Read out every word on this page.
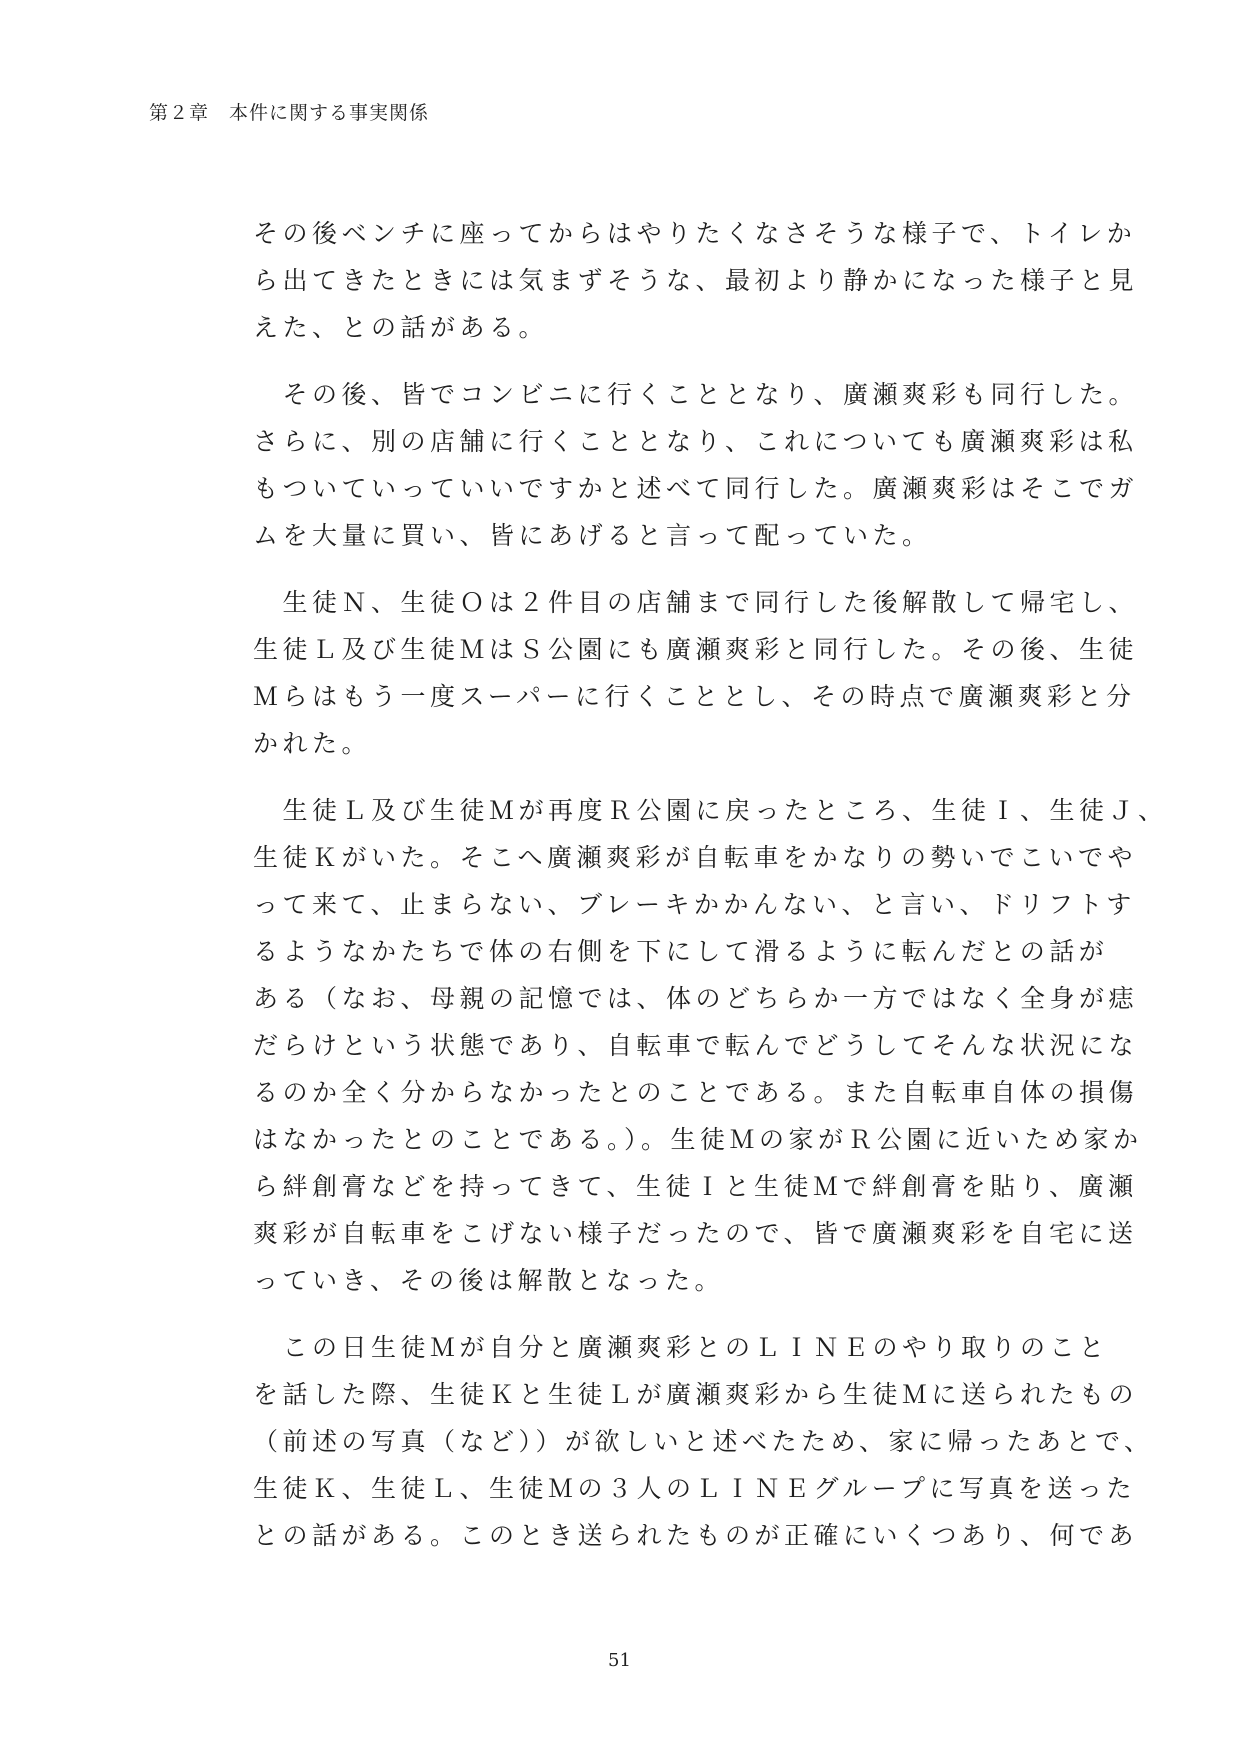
第２章　本件に関する事実関係
その後ベンチに座ってからはやりたくなさそうな様子で、トイレか
ら出てきたときには気まずそうな、最初より静かになった様子と見
えた、との話がある。
　その後、皆でコンビニに行くこととなり、廣瀬爽彩も同行した。
さらに、別の店舗に行くこととなり、これについても廣瀬爽彩は私
もついていっていいですかと述べて同行した。廣瀬爽彩はそこでガ
ムを大量に買い、皆にあげると言って配っていた。
　生徒Ｎ、生徒Ｏは２件目の店舗まで同行した後解散して帰宅し、
生徒Ｌ及び生徒ＭはＳ公園にも廣瀬爽彩と同行した。その後、生徒
Ｍらはもう一度スーパーに行くこととし、その時点で廣瀬爽彩と分
かれた。
　生徒Ｌ及び生徒Ｍが再度Ｒ公園に戻ったところ、生徒Ｉ、生徒Ｊ、
生徒Ｋがいた。そこへ廣瀬爽彩が自転車をかなりの勢いでこいでや
って来て、止まらない、ブレーキかかんない、と言い、ドリフトす
るようなかたちで体の右側を下にして滑るように転んだとの話が
ある（なお、母親の記憶では、体のどちらか一方ではなく全身が痣
だらけという状態であり、自転車で転んでどうしてそんな状況にな
るのか全く分からなかったとのことである。また自転車自体の損傷
はなかったとのことである。）。生徒Ｍの家がＲ公園に近いため家か
ら絆創膏などを持ってきて、生徒Ｉと生徒Ｍで絆創膏を貼り、廣瀬
爽彩が自転車をこげない様子だったので、皆で廣瀬爽彩を自宅に送
っていき、その後は解散となった。
　この日生徒Ｍが自分と廣瀬爽彩とのＬＩＮＥのやり取りのこと
を話した際、生徒Ｋと生徒Ｌが廣瀬爽彩から生徒Ｍに送られたもの
（前述の写真（など））が欲しいと述べたため、家に帰ったあとで、
生徒Ｋ、生徒Ｌ、生徒Ｍの３人のＬＩＮＥグループに写真を送った
との話がある。このとき送られたものが正確にいくつあり、何であ
51
